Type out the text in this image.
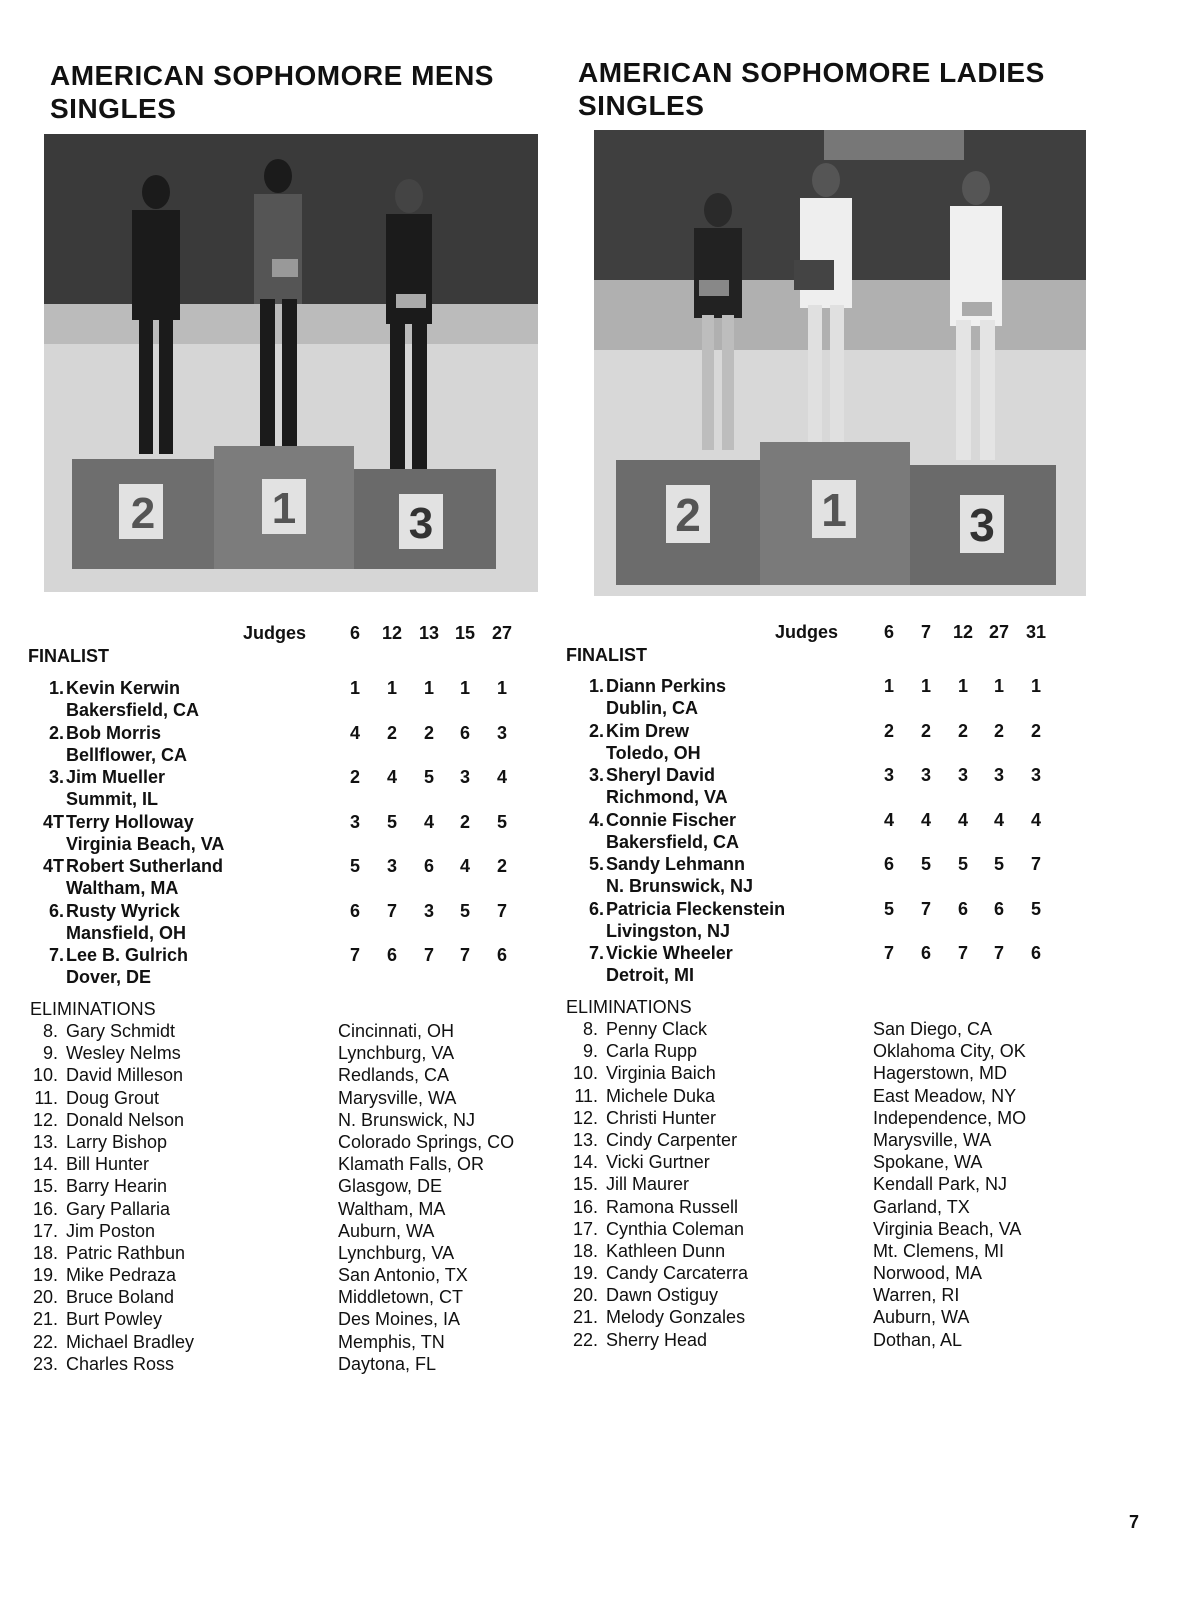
AMERICAN SOPHOMORE MENS
SINGLES
2	1	3
Judges	6	12 13 15 27
FINALIST
1. Kevin Kerwin
Bakersfield, CA
1	1	1	1	1
2. Bob Morris
Bellflower, CA
4	2	2	6	3
3. Jim Mueller
Summit, IL
2	4	5	3	4
4T Terry Holloway
Virginia Beach, VA
3	5	4	2	5
4T Robert Sutherland
Waltham, MA
5	3	6	4	2
6. Rusty Wyrick
Mansfield, OH
6	7	3	5	7
7. Lee B. Gulrich
Dover, DE
7	6	7	7	6
ELIMINATIONS
8. Gary Schmidt	Cincinnati, OH
9. Wesley Nelms	Lynchburg, VA
10. David Milleson	Redlands, CA
11. Doug Grout	Marysville, WA
12. Donald Nelson	N. Brunswick, NJ
13. Larry Bishop	Colorado Springs, CO
14. Bill Hunter	Klamath Falls, OR
15. Barry Hearin	Glasgow, DE
16. Gary Pallaria	Waltham, MA
17. Jim Poston	Auburn, WA
18. Patric Rathbun	Lynchburg, VA
19. Mike Pedraza	San Antonio, TX
20. Bruce Boland	Middletown, CT
21. Burt Powley	Des Moines, IA
22. Michael Bradley	Memphis, TN
23. Charles Ross	Daytona, FL
AMERICAN SOPHOMORE LADIES
SINGLES
2	1	3
Judges	6	7	12 27 31
FINALIST
1. Diann Perkins
Dublin, CA
1	1	1	1	1
2. Kim Drew
Toledo, OH
2	2	2	2	2
3. Sheryl David
Richmond, VA
3	3	3	3	3
4. Connie Fischer
Bakersfield, CA
4	4	4	4	4
5. Sandy Lehmann
N. Brunswick, NJ
6	5	5	5	7
6. Patricia Fleckenstein
Livingston, NJ
5	7	6	6	5
7. Vickie Wheeler
Detroit, MI
7	6	7	7	6
ELIMINATIONS
8. Penny Clack	San Diego, CA
9. Carla Rupp	Oklahoma City, OK
10. Virginia Baich	Hagerstown, MD
11. Michele Duka	East Meadow, NY
12. Christi Hunter	Independence, MO
13. Cindy Carpenter	Marysville, WA
14. Vicki Gurtner	Spokane, WA
15. Jill Maurer	Kendall Park, NJ
16. Ramona Russell	Garland, TX
17. Cynthia Coleman	Virginia Beach, VA
18. Kathleen Dunn	Mt. Clemens, MI
19. Candy Carcaterra	Norwood, MA
20. Dawn Ostiguy	Warren, RI
21. Melody Gonzales	Auburn, WA
22. Sherry Head	Dothan, AL
7
